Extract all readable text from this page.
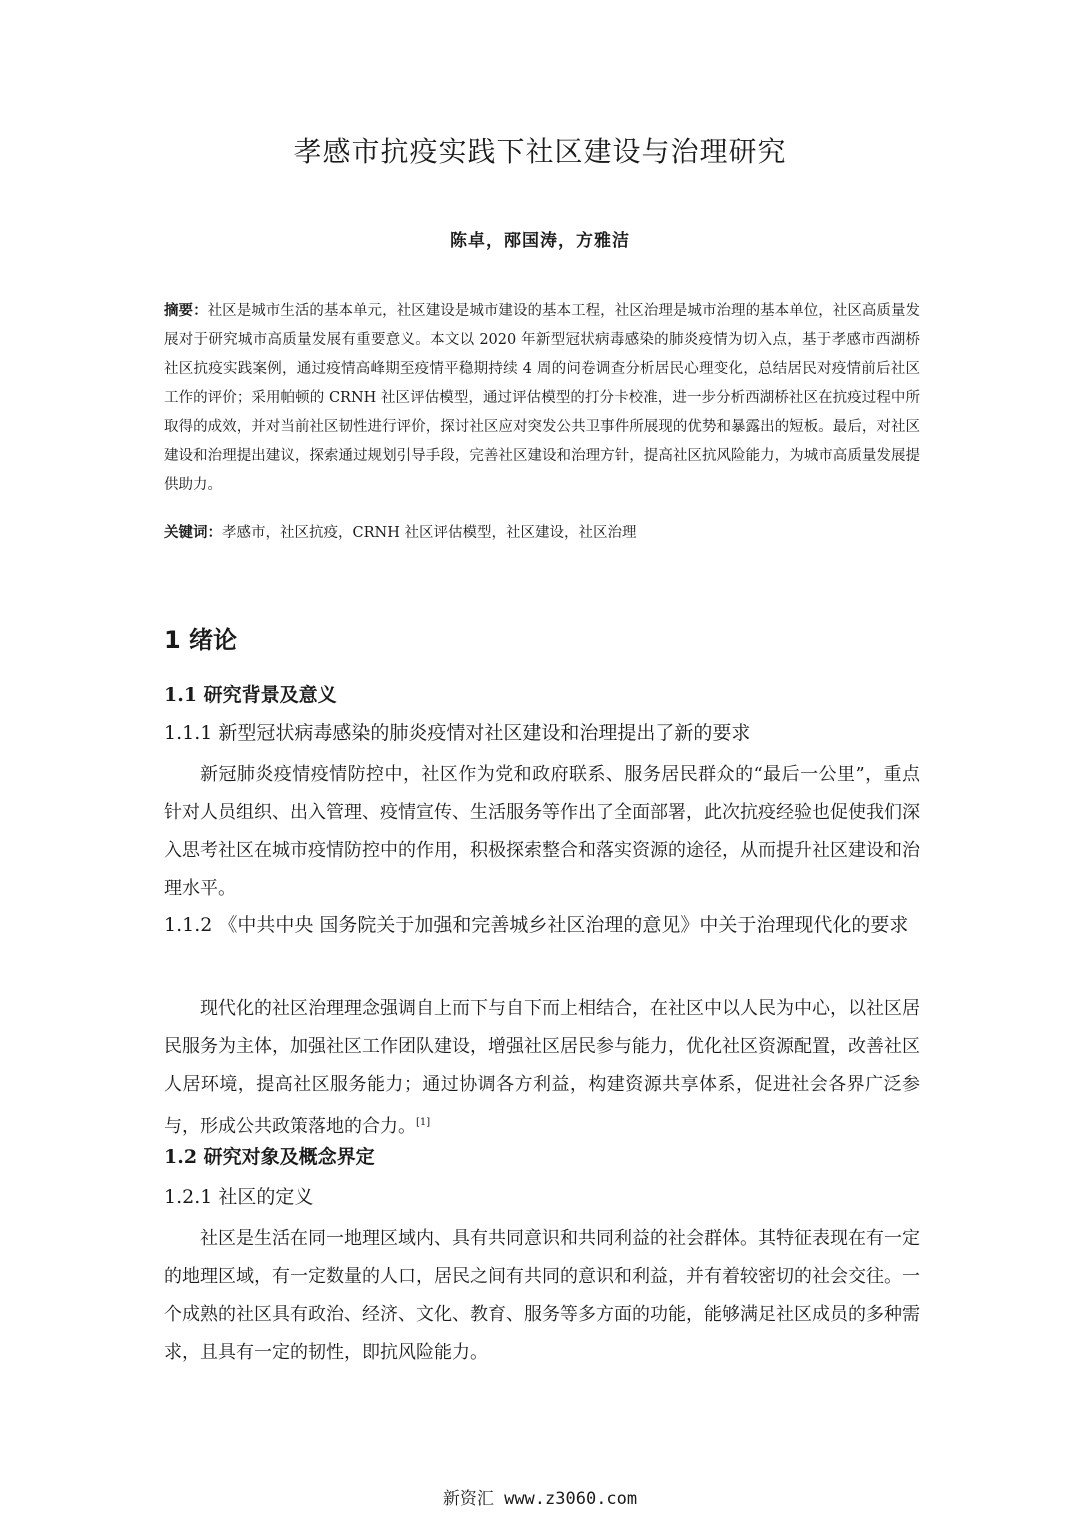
孝感市抗疫实践下社区建设与治理研究
陈卓，邴国涛，方雅洁
摘要：社区是城市生活的基本单元，社区建设是城市建设的基本工程，社区治理是城市治理的基本单位，社区高质量发展对于研究城市高质量发展有重要意义。本文以 2020 年新型冠状病毒感染的肺炎疫情为切入点，基于孝感市西湖桥社区抗疫实践案例，通过疫情高峰期至疫情平稳期持续 4 周的问卷调查分析居民心理变化，总结居民对疫情前后社区工作的评价；采用帕顿的 CRNH 社区评估模型，通过评估模型的打分卡校准，进一步分析西湖桥社区在抗疫过程中所取得的成效，并对当前社区韧性进行评价，探讨社区应对突发公共卫事件所展现的优势和暴露出的短板。最后，对社区建设和治理提出建议，探索通过规划引导手段，完善社区建设和治理方针，提高社区抗风险能力，为城市高质量发展提供助力。
关键词：孝感市，社区抗疫，CRNH 社区评估模型，社区建设，社区治理
1 绪论
1.1 研究背景及意义
1.1.1 新型冠状病毒感染的肺炎疫情对社区建设和治理提出了新的要求
新冠肺炎疫情疫情防控中，社区作为党和政府联系、服务居民群众的“最后一公里”，重点针对人员组织、出入管理、疫情宣传、生活服务等作出了全面部署，此次抗疫经验也促使我们深入思考社区在城市疫情防控中的作用，积极探索整合和落实资源的途径，从而提升社区建设和治理水平。
1.1.2 《中共中央 国务院关于加强和完善城乡社区治理的意见》中关于治理现代化的要求
现代化的社区治理理念强调自上而下与自下而上相结合，在社区中以人民为中心，以社区居民服务为主体，加强社区工作团队建设，增强社区居民参与能力，优化社区资源配置，改善社区人居环境，提高社区服务能力；通过协调各方利益，构建资源共享体系，促进社会各界广泛参与，形成公共政策落地的合力。[1]
1.2 研究对象及概念界定
1.2.1 社区的定义
社区是生活在同一地理区域内、具有共同意识和共同利益的社会群体。其特征表现在有一定的地理区域，有一定数量的人口，居民之间有共同的意识和利益，并有着较密切的社会交往。一个成熟的社区具有政治、经济、文化、教育、服务等多方面的功能，能够满足社区成员的多种需求，且具有一定的韧性，即抗风险能力。
新资汇 www.z3060.com
